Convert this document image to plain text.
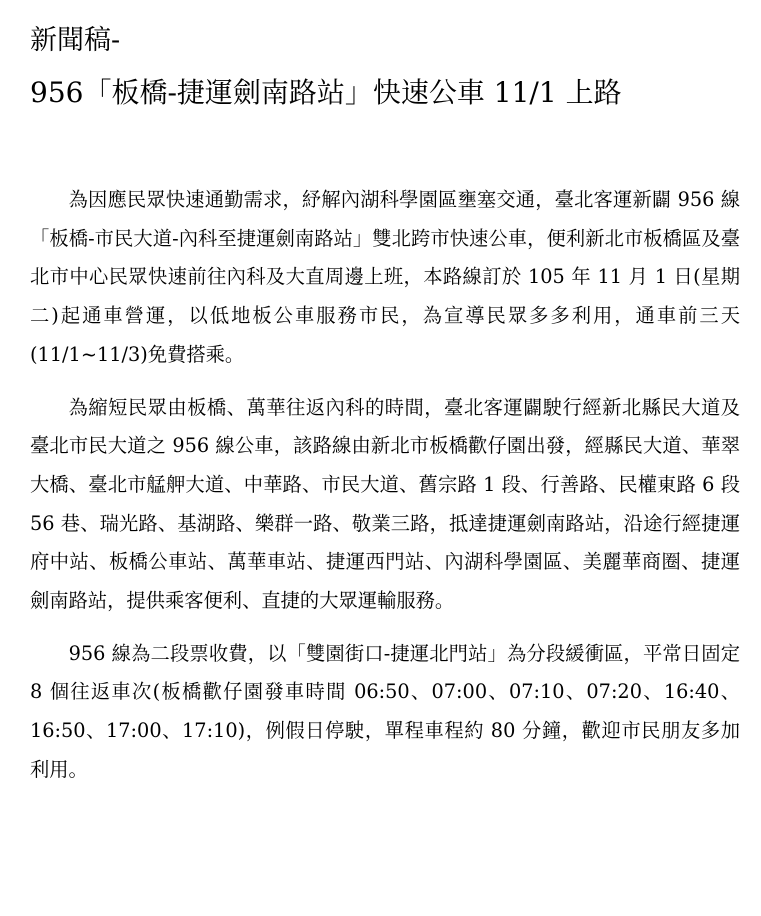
新聞稿-
956「板橋-捷運劍南路站」快速公車 11/1 上路

為因應民眾快速通勤需求，紓解內湖科學園區壅塞交通，臺北客運新闢 956 線「板橋-市民大道-內科至捷運劍南路站」雙北跨市快速公車，便利新北市板橋區及臺北市中心民眾快速前往內科及大直周邊上班，本路線訂於 105 年 11 月 1 日(星期二)起通車營運，以低地板公車服務市民，為宣導民眾多多利用，通車前三天(11/1~11/3)免費搭乘。

為縮短民眾由板橋、萬華往返內科的時間，臺北客運闢駛行經新北縣民大道及臺北市民大道之 956 線公車，該路線由新北市板橋歡仔園出發，經縣民大道、華翠大橋、臺北市艋舺大道、中華路、市民大道、舊宗路 1 段、行善路、民權東路 6 段 56 巷、瑞光路、基湖路、樂群一路、敬業三路，抵達捷運劍南路站，沿途行經捷運府中站、板橋公車站、萬華車站、捷運西門站、內湖科學園區、美麗華商圈、捷運劍南路站，提供乘客便利、直捷的大眾運輸服務。

956 線為二段票收費，以「雙園街口-捷運北門站」為分段緩衝區，平常日固定 8 個往返車次(板橋歡仔園發車時間 06:50、07:00、07:10、07:20、16:40、16:50、17:00、17:10)，例假日停駛，單程車程約 80 分鐘，歡迎市民朋友多加利用。
